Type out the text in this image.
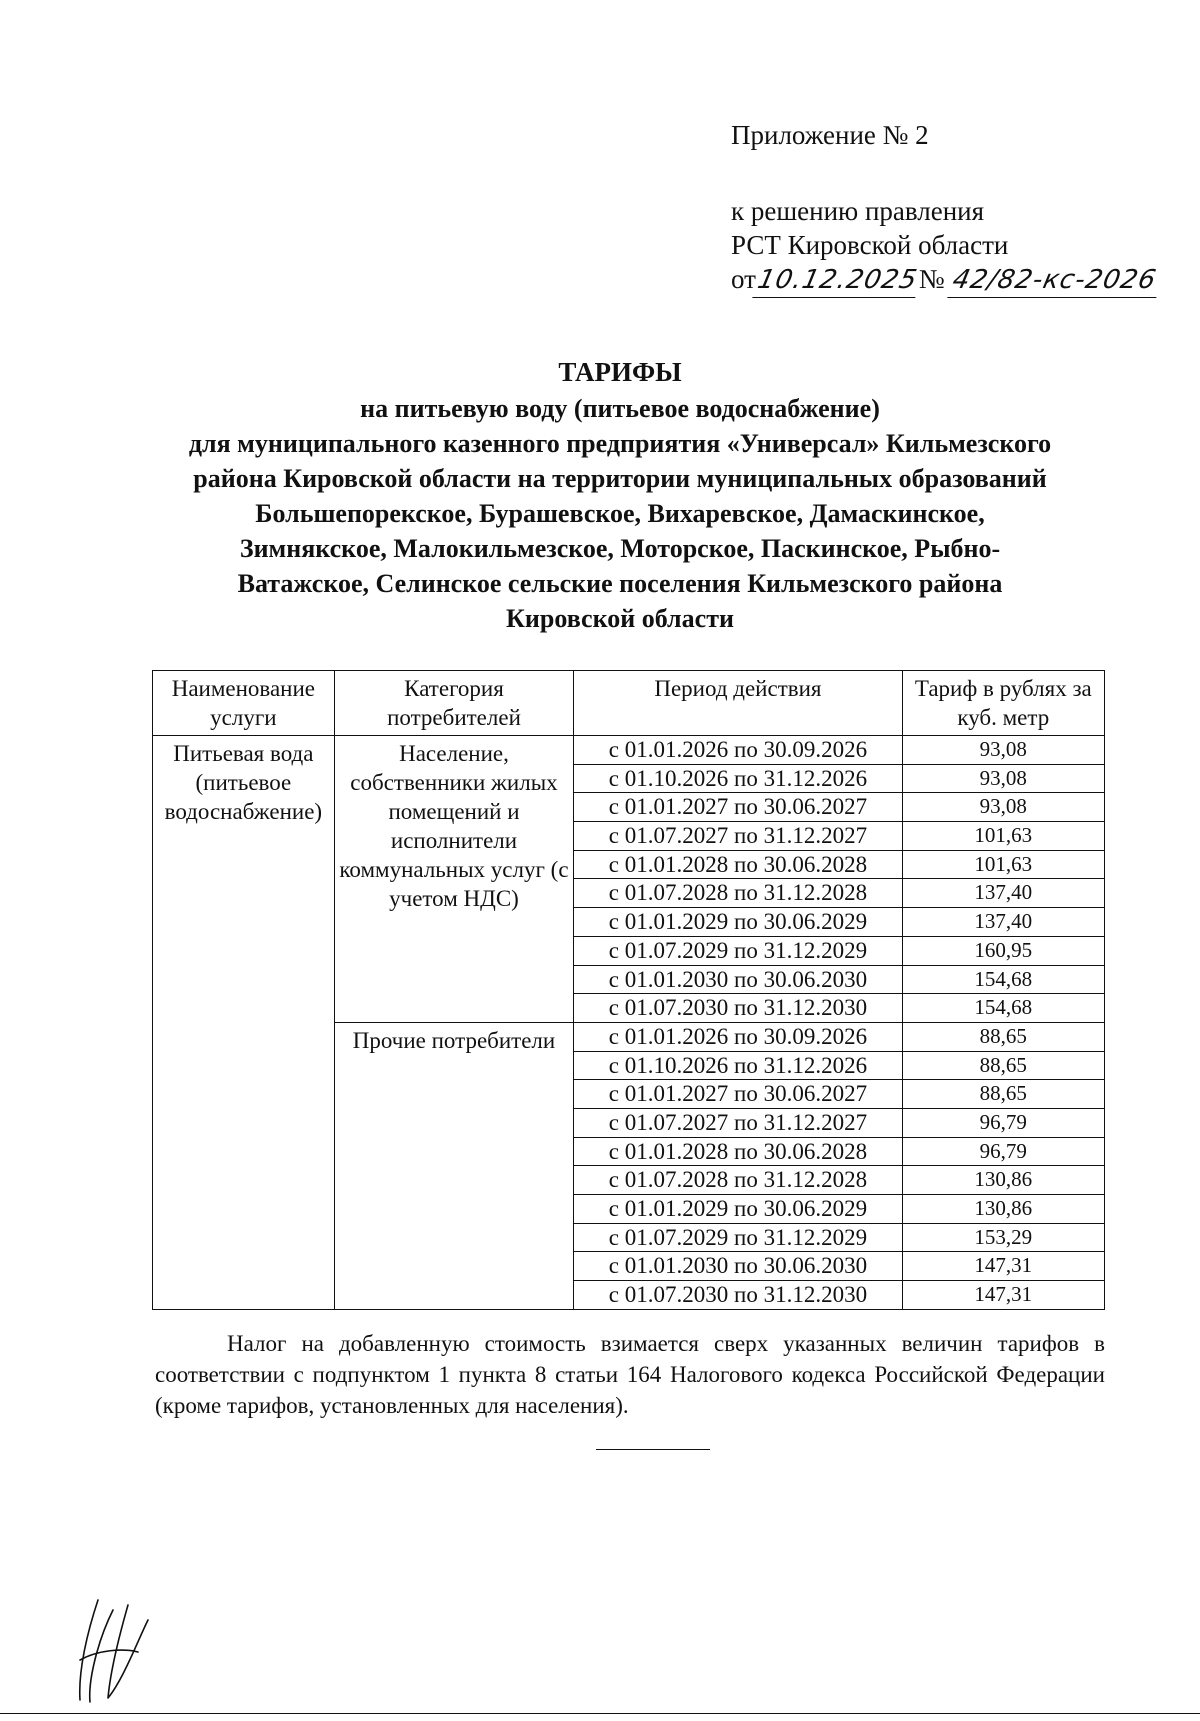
Приложение № 2
к решению правления
РСТ Кировской области
от10.12.2025№ 42/82-кс-2026
ТАРИФЫ
на питьевую воду (питьевое водоснабжение)
для муниципального казенного предприятия «Универсал» Кильмезского
района Кировской области на территории муниципальных образований
Большепорекское, Бурашевское, Вихаревское, Дамаскинское,
Зимнякское, Малокильмезское, Моторское, Паскинское, Рыбно-
Ватажское, Селинское сельские поселения Кильмезского района
Кировской области
Наименование услуги	Категория потребителей	Период действия	Тариф в рублях за куб. метр
Питьевая вода (питьевое водоснабжение)	Население, собственники жилых помещений и исполнители коммунальных услуг (с учетом НДС)	с 01.01.2026 по 30.09.2026	93,08
		с 01.10.2026 по 31.12.2026	93,08
		с 01.01.2027 по 30.06.2027	93,08
		с 01.07.2027 по 31.12.2027	101,63
		с 01.01.2028 по 30.06.2028	101,63
		с 01.07.2028 по 31.12.2028	137,40
		с 01.01.2029 по 30.06.2029	137,40
		с 01.07.2029 по 31.12.2029	160,95
		с 01.01.2030 по 30.06.2030	154,68
		с 01.07.2030 по 31.12.2030	154,68
	Прочие потребители	с 01.01.2026 по 30.09.2026	88,65
		с 01.10.2026 по 31.12.2026	88,65
		с 01.01.2027 по 30.06.2027	88,65
		с 01.07.2027 по 31.12.2027	96,79
		с 01.01.2028 по 30.06.2028	96,79
		с 01.07.2028 по 31.12.2028	130,86
		с 01.01.2029 по 30.06.2029	130,86
		с 01.07.2029 по 31.12.2029	153,29
		с 01.01.2030 по 30.06.2030	147,31
		с 01.07.2030 по 31.12.2030	147,31
Налог на добавленную стоимость взимается сверх указанных величин тарифов в соответствии с подпунктом 1 пункта 8 статьи 164 Налогового кодекса Российской Федерации (кроме тарифов, установленных для населения).
